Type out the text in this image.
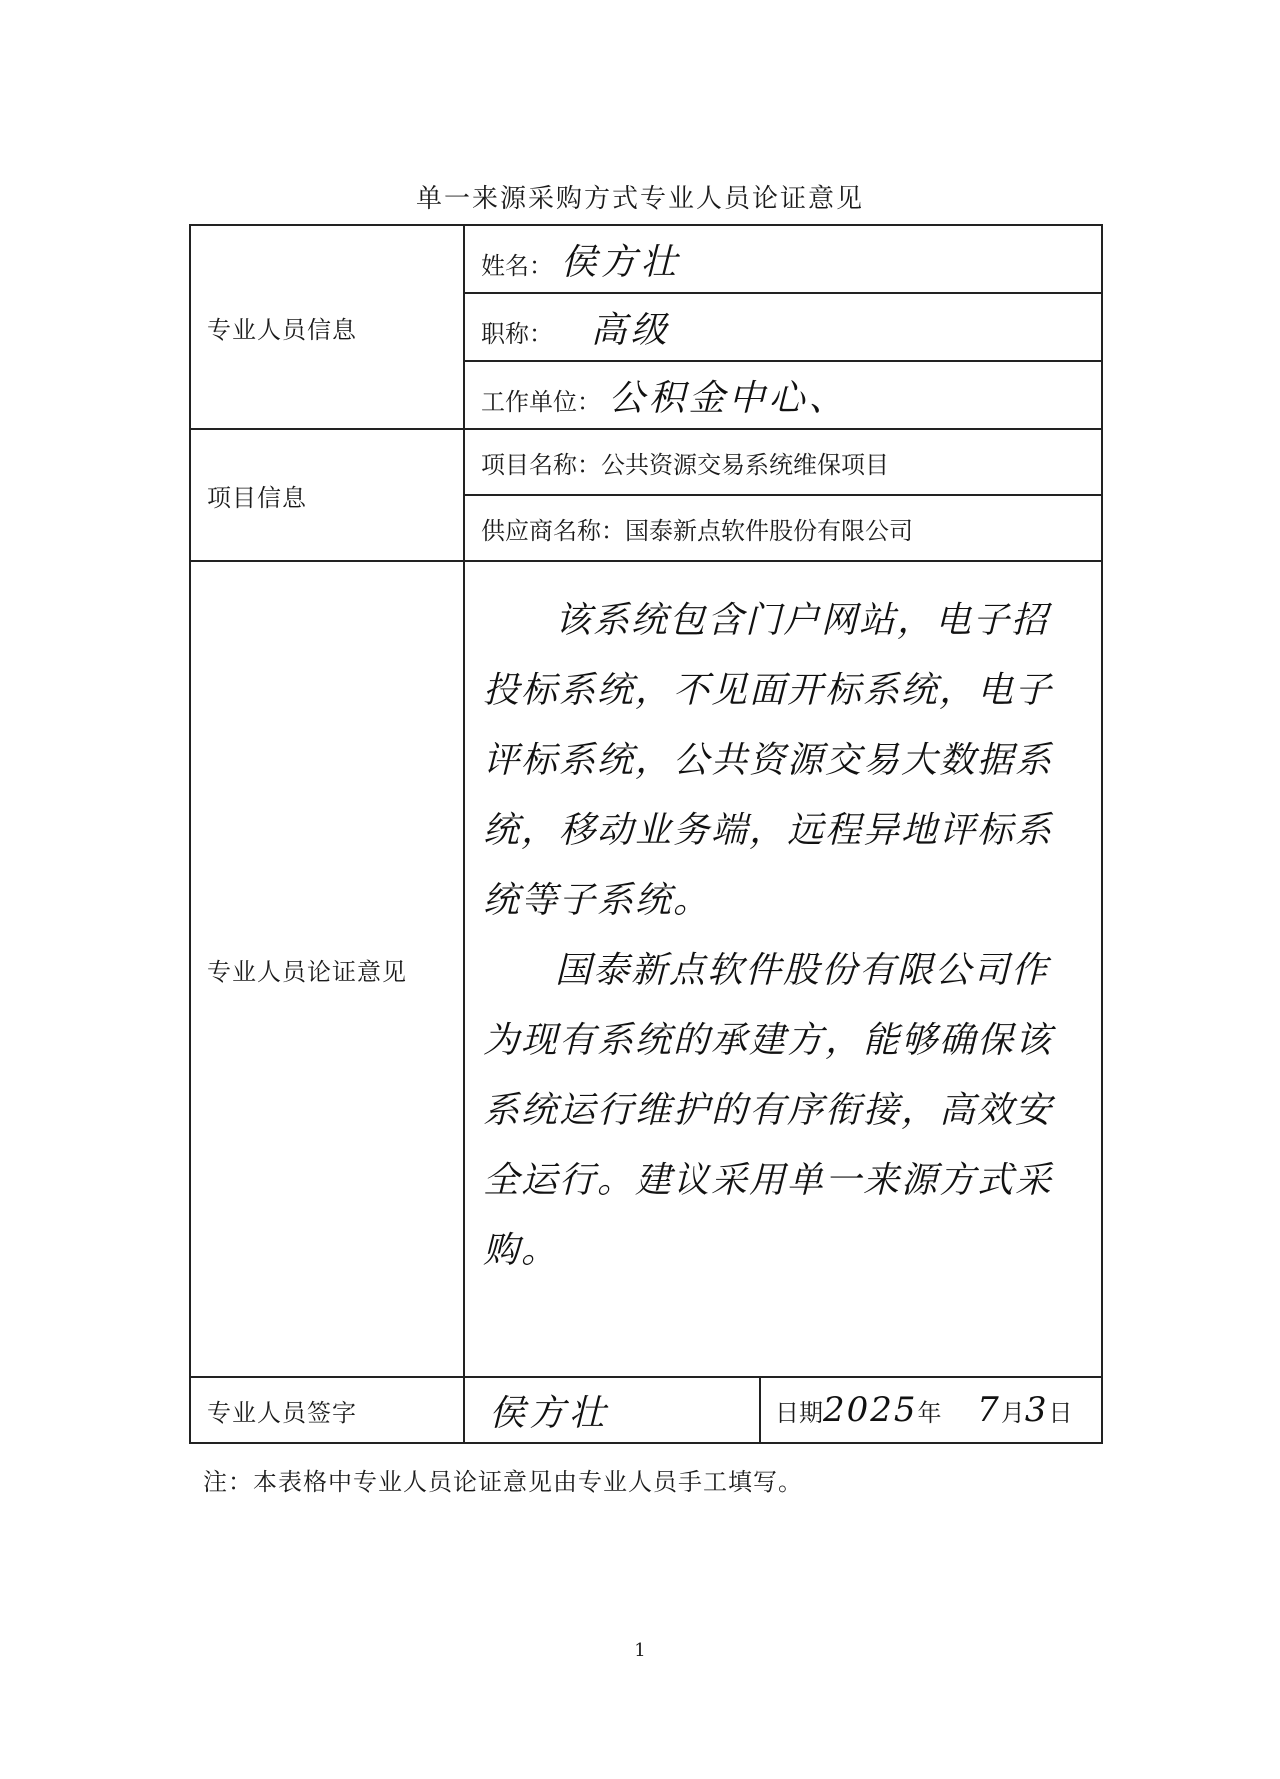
单一来源采购方式专业人员论证意见
专业人员信息	姓名： 侯方壮	
	职称： 高级	
	工作单位： 公积金中心、	
项目信息	项目名称：公共资源交易系统维保项目	
	供应商名称：国泰新点软件股份有限公司	
专业人员论证意见	该系统包含门户网站，电子招投标系统，不见面开标系统，电子评标系统，公共资源交易大数据系统，移动业务端，远程异地评标系统等子系统。

国泰新点软件股份有限公司作为现有系统的承建方，能够确保该系统运行维护的有序衔接，高效安全运行。建议采用单一来源方式采购。	

专业人员签字	侯方壮	日期2025年 7月3日
注：本表格中专业人员论证意见由专业人员手工填写。
1
